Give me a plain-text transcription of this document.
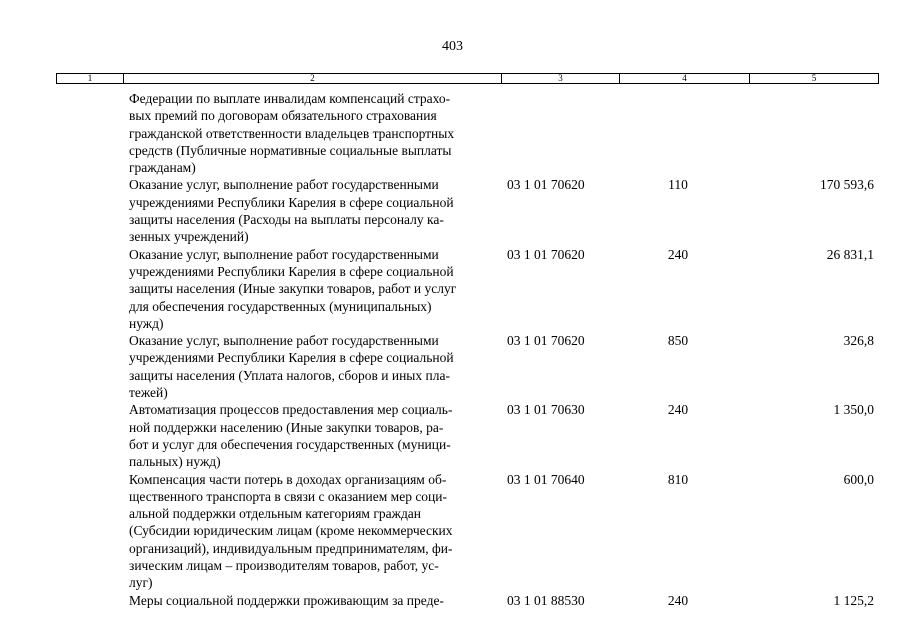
403
1	2	3	4	5
Федерации по выплате инвалидам компенсаций страхо-
вых премий по договорам обязательного страхования
гражданской ответственности владельцев транспортных
средств (Публичные нормативные социальные выплаты
гражданам)
Оказание услуг, выполнение работ государственными
учреждениями Республики Карелия в сфере социальной
защиты населения (Расходы на выплаты персоналу ка-
зенных учреждений)
03 1 01 70620	110	170 593,6
Оказание услуг, выполнение работ государственными
учреждениями Республики Карелия в сфере социальной
защиты населения (Иные закупки товаров, работ и услуг
для обеспечения государственных (муниципальных)
нужд)
03 1 01 70620	240	26 831,1
Оказание услуг, выполнение работ государственными
учреждениями Республики Карелия в сфере социальной
защиты населения (Уплата налогов, сборов и иных пла-
тежей)
03 1 01 70620	850	326,8
Автоматизация процессов предоставления мер социаль-
ной поддержки населению (Иные закупки товаров, ра-
бот и услуг для обеспечения государственных (муници-
пальных) нужд)
03 1 01 70630	240	1 350,0
Компенсация части потерь в доходах организациям об-
щественного транспорта в связи с оказанием мер соци-
альной поддержки отдельным категориям граждан
(Субсидии юридическим лицам (кроме некоммерческих
организаций), индивидуальным предпринимателям, фи-
зическим лицам – производителям товаров, работ, ус-
луг)
03 1 01 70640	810	600,0
Меры социальной поддержки проживающим за преде-	03 1 01 88530	240	1 125,2
